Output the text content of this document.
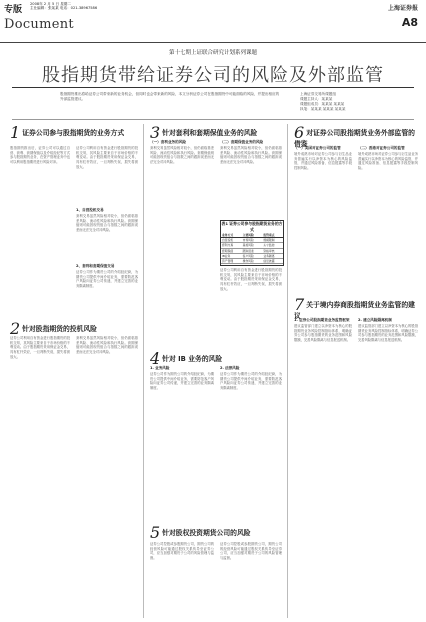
专版
2008年 2 月 5 日 星期二
主仕编辑：张某某 电话：021-38967586	上海证券报
Document	A8
第十七期上证联合研究计划系列课题
股指期货带给证券公司的风险及外部监管
股指期货推出将给证券公司带来新的业务机会，但同时也会带来新的风险，本文分析证券公司在股指期货中可能面临的风险，并提出相应的外部监管建议。
上海证券交易所课题组
课题主持人：某某某
课题组成员：某某某 某某某
执笔：某某某 某某某 某某某
1 证券公司参与股指期货的业务方式
股指期货推出后，证券公司可以通过自营、套利、套期保值以及介绍经纪等方式参与股指期货业务，在资产管理业务中也可以利用股指期货进行风险对冲。
证券公司利用自有资金进行股指期货的投机交易，其风险主要来自于市场价格的不利变动。由于股指期货采用保证金交易，具有杠杆效应，一旦判断失误，损失将被放大。
1、自营投机交易
套利交易虽然风险相对较小，但仍面临基差风险、流动性风险和执行风险。套期保值则可能因现货组合与指数之间的跟踪误差而无法完全对冲风险。
2、套利和套期保值交易
证券公司作为期货公司的介绍经纪商，为期货公司提供中间介绍业务，需要防范客户风险向证券公司传递，并建立完善的业务隔离制度。
2 针对股指期货的投机风险
证券公司利用自有资金进行股指期货的投机交易，其风险主要来自于市场价格的不利变动。由于股指期货采用保证金交易，具有杠杆效应，一旦判断失误，损失将被放大。
套利交易虽然风险相对较小，但仍面临基差风险、流动性风险和执行风险。套期保值则可能因现货组合与指数之间的跟踪误差而无法完全对冲风险。
3 针对套利和套期保值业务的风险
（一）套利业务的风险
套利交易虽然风险相对较小，但仍面临基差风险、流动性风险和执行风险。套期保值则可能因现货组合与指数之间的跟踪误差而无法完全对冲风险。
（二）套期保值业务的风险
套利交易虽然风险相对较小，但仍面临基差风险、流动性风险和执行风险。套期保值则可能因现货组合与指数之间的跟踪误差而无法完全对冲风险。
表1 证券公司参与股指期货业务的方式
业务方式	主要风险	监管重点
自营投机	市场风险	规模限制
套利交易	基差风险	头寸监控
套期保值	跟踪误差	资格审核
IB业务	客户风险	业务隔离
资产管理	操作风险	信息披露
证券公司利用自有资金进行股指期货的投机交易，其风险主要来自于市场价格的不利变动。由于股指期货采用保证金交易，具有杠杆效应，一旦判断失误，损失将被放大。
4 针对 IB 业务的风险
1. 业务风险
证券公司作为期货公司的介绍经纪商，为期货公司提供中间介绍业务，需要防范客户风险向证券公司传递，并建立完善的业务隔离制度。
2. 法律风险
证券公司作为期货公司的介绍经纪商，为期货公司提供中间介绍业务，需要防范客户风险向证券公司传递，并建立完善的业务隔离制度。
5 针对股权投资期货公司的风险
证券公司控股或参股期货公司，期货公司的经营风险可能通过股权关系传导至证券公司，应当加强对期货子公司的风险管理与监督。
证券公司控股或参股期货公司，期货公司的经营风险可能通过股权关系传导至证券公司，应当加强对期货子公司的风险管理与监督。
6 对证券公司股指期货业务外部监管的借鉴
（一）美国对证券公司的监管
境外成熟市场对证券公司参与衍生品业务普遍实行以净资本为核心的风险监管，并通过风险准备、信息披露等手段控制风险。
（二）香港对证券公司的监管
境外成熟市场对证券公司参与衍生品业务普遍实行以净资本为核心的风险监管，并通过风险准备、信息披露等手段控制风险。
7 关于境内券商股指期货业务监管的建议
1. 证券公司股指期货业务监管框架
建议监管部门建立以净资本为核心的股指期货业务风险控制指标体系，明确证券公司参与股指期货的业务范围和风险限额，完善风险隔离与信息报送机制。
2. 建立风险隔离机制
建议监管部门建立以净资本为核心的股指期货业务风险控制指标体系，明确证券公司参与股指期货的业务范围和风险限额，完善风险隔离与信息报送机制。
